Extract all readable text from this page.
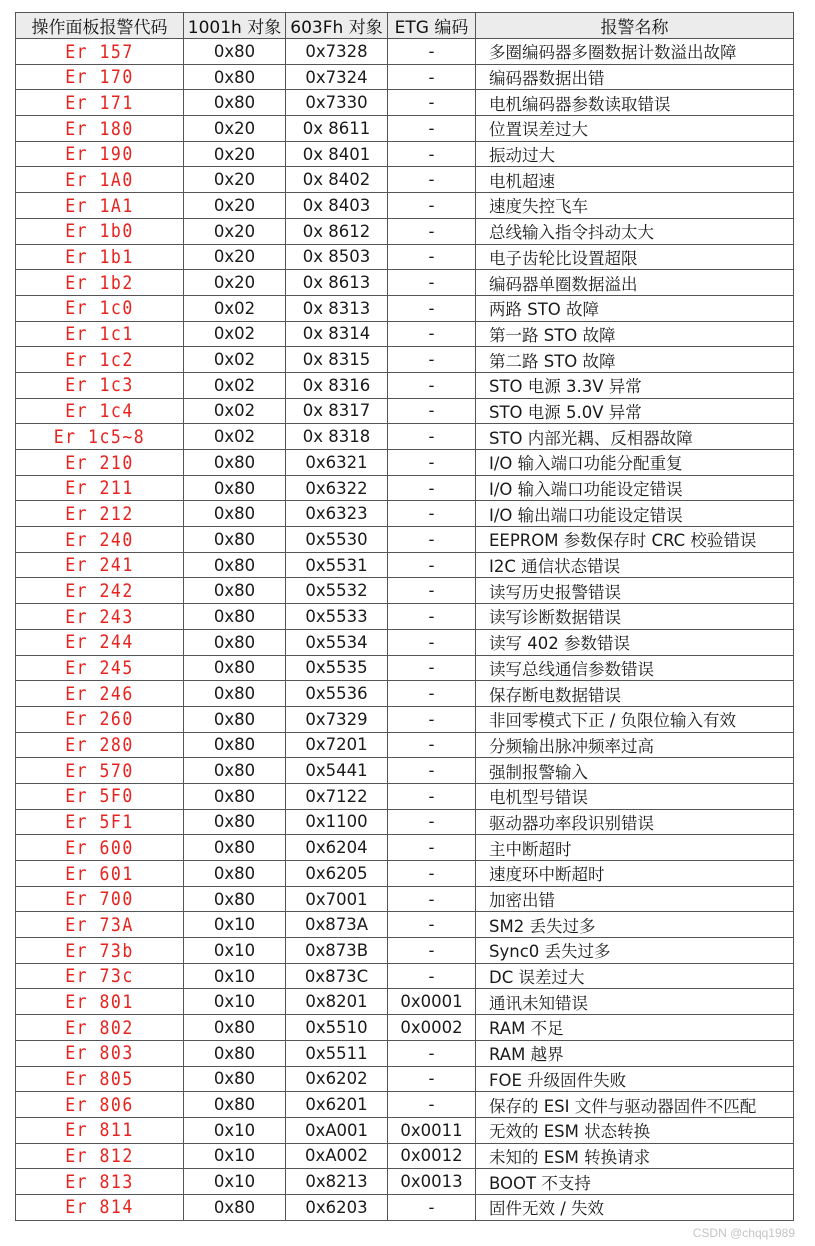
操作面板报警代码	1001h 对象	603Fh 对象	ETG 编码	报警名称
Er 157	0x80	0x7328	-	多圈编码器多圈数据计数溢出故障
Er 170	0x80	0x7324	-	编码器数据出错
Er 171	0x80	0x7330	-	电机编码器参数读取错误
Er 180	0x20	0x 8611	-	位置误差过大
Er 190	0x20	0x 8401	-	振动过大
Er 1A0	0x20	0x 8402	-	电机超速
Er 1A1	0x20	0x 8403	-	速度失控飞车
Er 1b0	0x20	0x 8612	-	总线输入指令抖动太大
Er 1b1	0x20	0x 8503	-	电子齿轮比设置超限
Er 1b2	0x20	0x 8613	-	编码器单圈数据溢出
Er 1c0	0x02	0x 8313	-	两路 STO 故障
Er 1c1	0x02	0x 8314	-	第一路 STO 故障
Er 1c2	0x02	0x 8315	-	第二路 STO 故障
Er 1c3	0x02	0x 8316	-	STO 电源 3.3V 异常
Er 1c4	0x02	0x 8317	-	STO 电源 5.0V 异常
Er 1c5~8	0x02	0x 8318	-	STO 内部光耦、反相器故障
Er 210	0x80	0x6321	-	I/O 输入端口功能分配重复
Er 211	0x80	0x6322	-	I/O 输入端口功能设定错误
Er 212	0x80	0x6323	-	I/O 输出端口功能设定错误
Er 240	0x80	0x5530	-	EEPROM 参数保存时 CRC 校验错误
Er 241	0x80	0x5531	-	I2C 通信状态错误
Er 242	0x80	0x5532	-	读写历史报警错误
Er 243	0x80	0x5533	-	读写诊断数据错误
Er 244	0x80	0x5534	-	读写 402 参数错误
Er 245	0x80	0x5535	-	读写总线通信参数错误
Er 246	0x80	0x5536	-	保存断电数据错误
Er 260	0x80	0x7329	-	非回零模式下正 / 负限位输入有效
Er 280	0x80	0x7201	-	分频输出脉冲频率过高
Er 570	0x80	0x5441	-	强制报警输入
Er 5F0	0x80	0x7122	-	电机型号错误
Er 5F1	0x80	0x1100	-	驱动器功率段识别错误
Er 600	0x80	0x6204	-	主中断超时
Er 601	0x80	0x6205	-	速度环中断超时
Er 700	0x80	0x7001	-	加密出错
Er 73A	0x10	0x873A	-	SM2 丢失过多
Er 73b	0x10	0x873B	-	Sync0 丢失过多
Er 73c	0x10	0x873C	-	DC 误差过大
Er 801	0x10	0x8201	0x0001	通讯未知错误
Er 802	0x80	0x5510	0x0002	RAM 不足
Er 803	0x80	0x5511	-	RAM 越界
Er 805	0x80	0x6202	-	FOE 升级固件失败
Er 806	0x80	0x6201	-	保存的 ESI 文件与驱动器固件不匹配
Er 811	0x10	0xA001	0x0011	无效的 ESM 状态转换
Er 812	0x10	0xA002	0x0012	未知的 ESM 转换请求
Er 813	0x10	0x8213	0x0013	BOOT 不支持
Er 814	0x80	0x6203	-	固件无效 / 失效
CSDN @chqq1989
